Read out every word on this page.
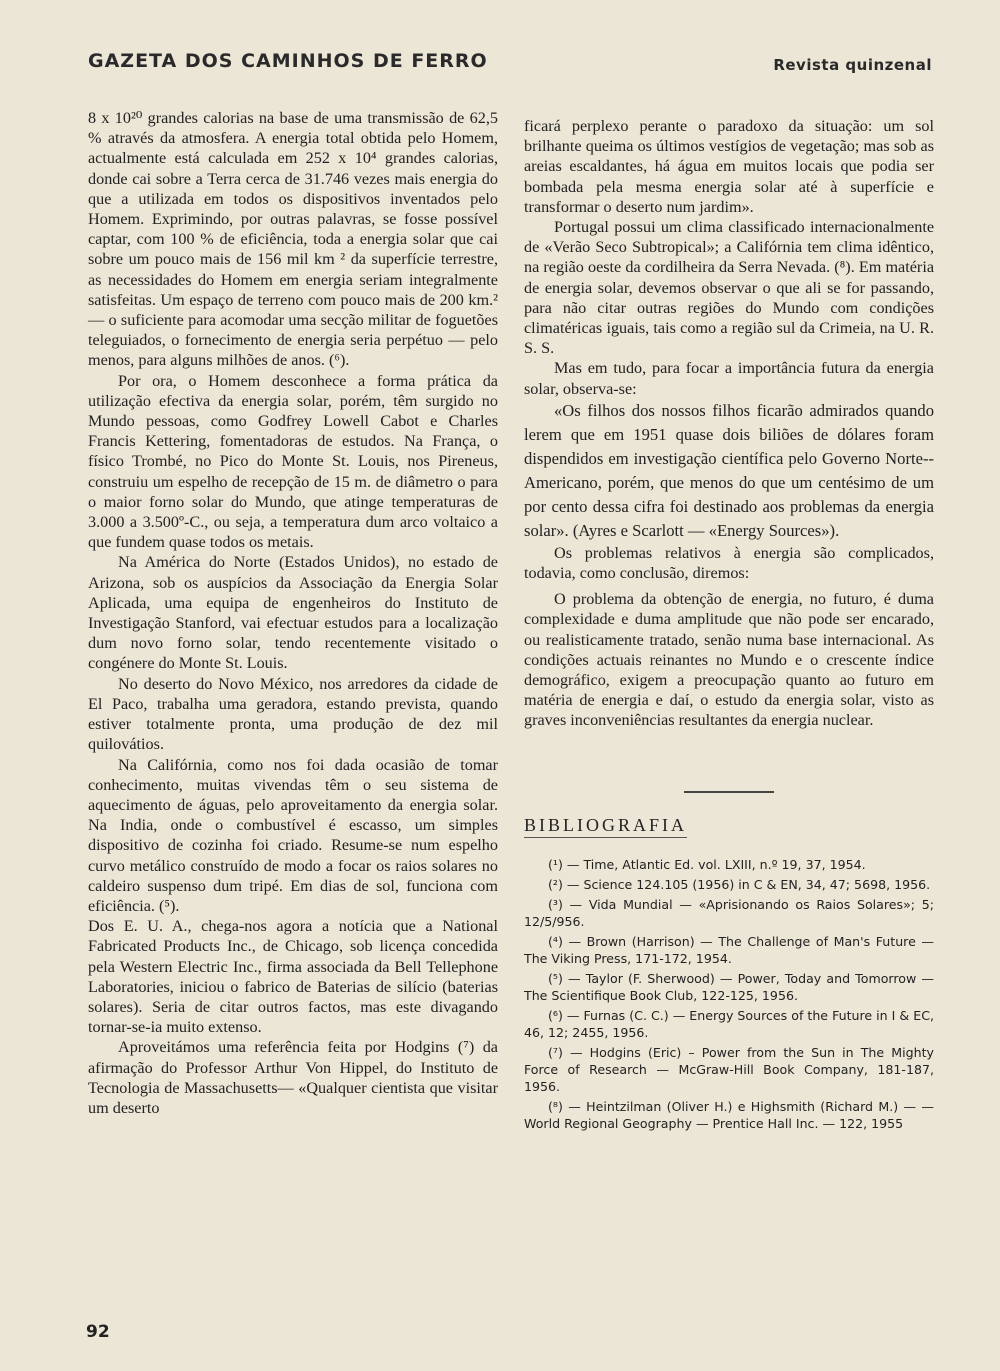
GAZETA DOS CAMINHOS DE FERRO	Revista quinzenal

8 x 10²⁰ grandes calorias na base de uma transmissão de 62,5 % através da atmosfera. A energia total obtida pelo Homem, actualmente está calculada em 252 x 10⁴ grandes calorias, donde cai sobre a Terra cerca de 31.746 vezes mais energia do que a utilizada em todos os dispositivos inventados pelo Homem. Exprimindo, por outras palavras, se fosse possível captar, com 100 % de eficiência, toda a energia solar que cai sobre um pouco mais de 156 mil km ² da superfície terrestre, as necessidades do Homem em energia seriam integralmente satisfeitas. Um espaço de terreno com pouco mais de 200 km.² — o suficiente para acomodar uma secção militar de foguetões teleguiados, o fornecimento de energia seria perpétuo — pelo menos, para alguns milhões de anos. (⁶).

Por ora, o Homem desconhece a forma prática da utilização efectiva da energia solar, porém, têm surgido no Mundo pessoas, como Godfrey Lowell Cabot e Charles Francis Kettering, fomentadoras de estudos. Na França, o físico Trombé, no Pico do Monte St. Louis, nos Pireneus, construiu um espelho de recepção de 15 m. de diâmetro o para o maior forno solar do Mundo, que atinge temperaturas de 3.000 a 3.500º-C., ou seja, a temperatura dum arco voltaico a que fundem quase todos os metais.

Na América do Norte (Estados Unidos), no estado de Arizona, sob os auspícios da Associação da Energia Solar Aplicada, uma equipa de engenheiros do Instituto de Investigação Stanford, vai efectuar estudos para a localização dum novo forno solar, tendo recentemente visitado o congénere do Monte St. Louis.

No deserto do Novo México, nos arredores da cidade de El Paco, trabalha uma geradora, estando prevista, quando estiver totalmente pronta, uma produção de dez mil quilovátios.

Na Califórnia, como nos foi dada ocasião de tomar conhecimento, muitas vivendas têm o seu sistema de aquecimento de águas, pelo aproveitamento da energia solar. Na India, onde o combustível é escasso, um simples dispositivo de cozinha foi criado. Resume-se num espelho curvo metálico construído de modo a focar os raios solares no caldeiro suspenso dum tripé. Em dias de sol, funciona com eficiência. (⁵).

Dos E. U. A., chega-nos agora a notícia que a National Fabricated Products Inc., de Chicago, sob licença concedida pela Western Electric Inc., firma associada da Bell Tellephone Laboratories, iniciou o fabrico de Baterias de silício (baterias solares). Seria de citar outros factos, mas este divagando tornar-se-ia muito extenso.

Aproveitámos uma referência feita por Hodgins (⁷) da afirmação do Professor Arthur Von Hippel, do Instituto de Tecnologia de Massachusetts— «Qualquer cientista que visitar um deserto

ficará perplexo perante o paradoxo da situação: um sol brilhante queima os últimos vestígios de vegetação; mas sob as areias escaldantes, há água em muitos locais que podia ser bombada pela mesma energia solar até à superfície e transformar o deserto num jardim».

Portugal possui um clima classificado internacionalmente de «Verão Seco Subtropical»; a Califórnia tem clima idêntico, na região oeste da cordilheira da Serra Nevada. (⁸). Em matéria de energia solar, devemos observar o que ali se for passando, para não citar outras regiões do Mundo com condições climatéricas iguais, tais como a região sul da Crimeia, na U. R. S. S.

Mas em tudo, para focar a importância futura da energia solar, observa-se:

«Os filhos dos nossos filhos ficarão admirados quando lerem que em 1951 quase dois biliões de dólares foram dispendidos em investigação científica pelo Governo Norte--Americano, porém, que menos do que um centésimo de um por cento dessa cifra foi destinado aos problemas da energia solar». (Ayres e Scarlott — «Energy Sources»).

Os problemas relativos à energia são complicados, todavia, como conclusão, diremos:

O problema da obtenção de energia, no futuro, é duma complexidade e duma amplitude que não pode ser encarado, ou realisticamente tratado, senão numa base internacional. As condições actuais reinantes no Mundo e o crescente índice demográfico, exigem a preocupação quanto ao futuro em matéria de energia e daí, o estudo da energia solar, visto as graves inconveniências resultantes da energia nuclear.

BIBLIOGRAFIA
(¹) — Time, Atlantic Ed. vol. LXIII, n.º 19, 37, 1954.
(²) — Science 124.105 (1956) in C & EN, 34, 47; 5698, 1956.
(³) — Vida Mundial — «Aprisionando os Raios Solares»; 5; 12/5/956.
(⁴) — Brown (Harrison) — The Challenge of Man's Future — The Viking Press, 171-172, 1954.
(⁵) — Taylor (F. Sherwood) — Power, Today and Tomorrow — The Scientifique Book Club, 122-125, 1956.
(⁶) — Furnas (C. C.) — Energy Sources of the Future in I & EC, 46, 12; 2455, 1956.
(⁷) — Hodgins (Eric) – Power from the Sun in The Mighty Force of Research — McGraw-Hill Book Company, 181-187, 1956.
(⁸) — Heintzilman (Oliver H.) e Highsmith (Richard M.) — — World Regional Geography — Prentice Hall Inc. — 122, 1955
92
